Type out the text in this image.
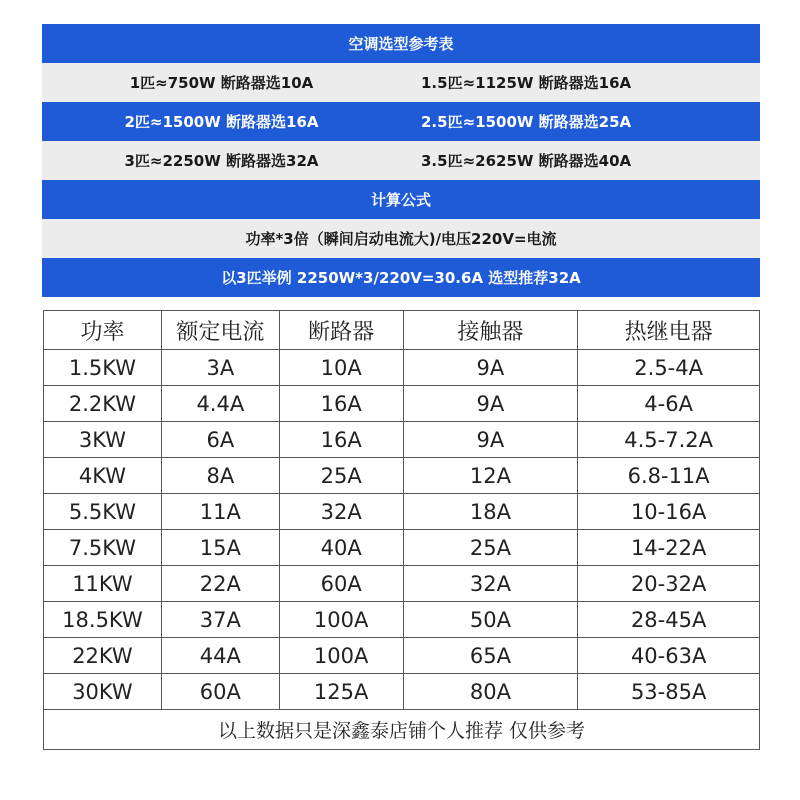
空调选型参考表
1匹≈750W 断路器选10A	1.5匹≈1125W 断路器选16A
2匹≈1500W 断路器选16A	2.5匹≈1500W 断路器选25A
3匹≈2250W 断路器选32A	3.5匹≈2625W 断路器选40A
计算公式
功率*3倍（瞬间启动电流大)/电压220V=电流
以3匹举例 2250W*3/220V=30.6A 选型推荐32A
功率	额定电流	断路器	接触器	热继电器
1.5KW	3A	10A	9A	2.5-4A
2.2KW	4.4A	16A	9A	4-6A
3KW	6A	16A	9A	4.5-7.2A
4KW	8A	25A	12A	6.8-11A
5.5KW	11A	32A	18A	10-16A
7.5KW	15A	40A	25A	14-22A
11KW	22A	60A	32A	20-32A
18.5KW	37A	100A	50A	28-45A
22KW	44A	100A	65A	40-63A
30KW	60A	125A	80A	53-85A
以上数据只是深鑫泰店铺个人推荐 仅供参考				
